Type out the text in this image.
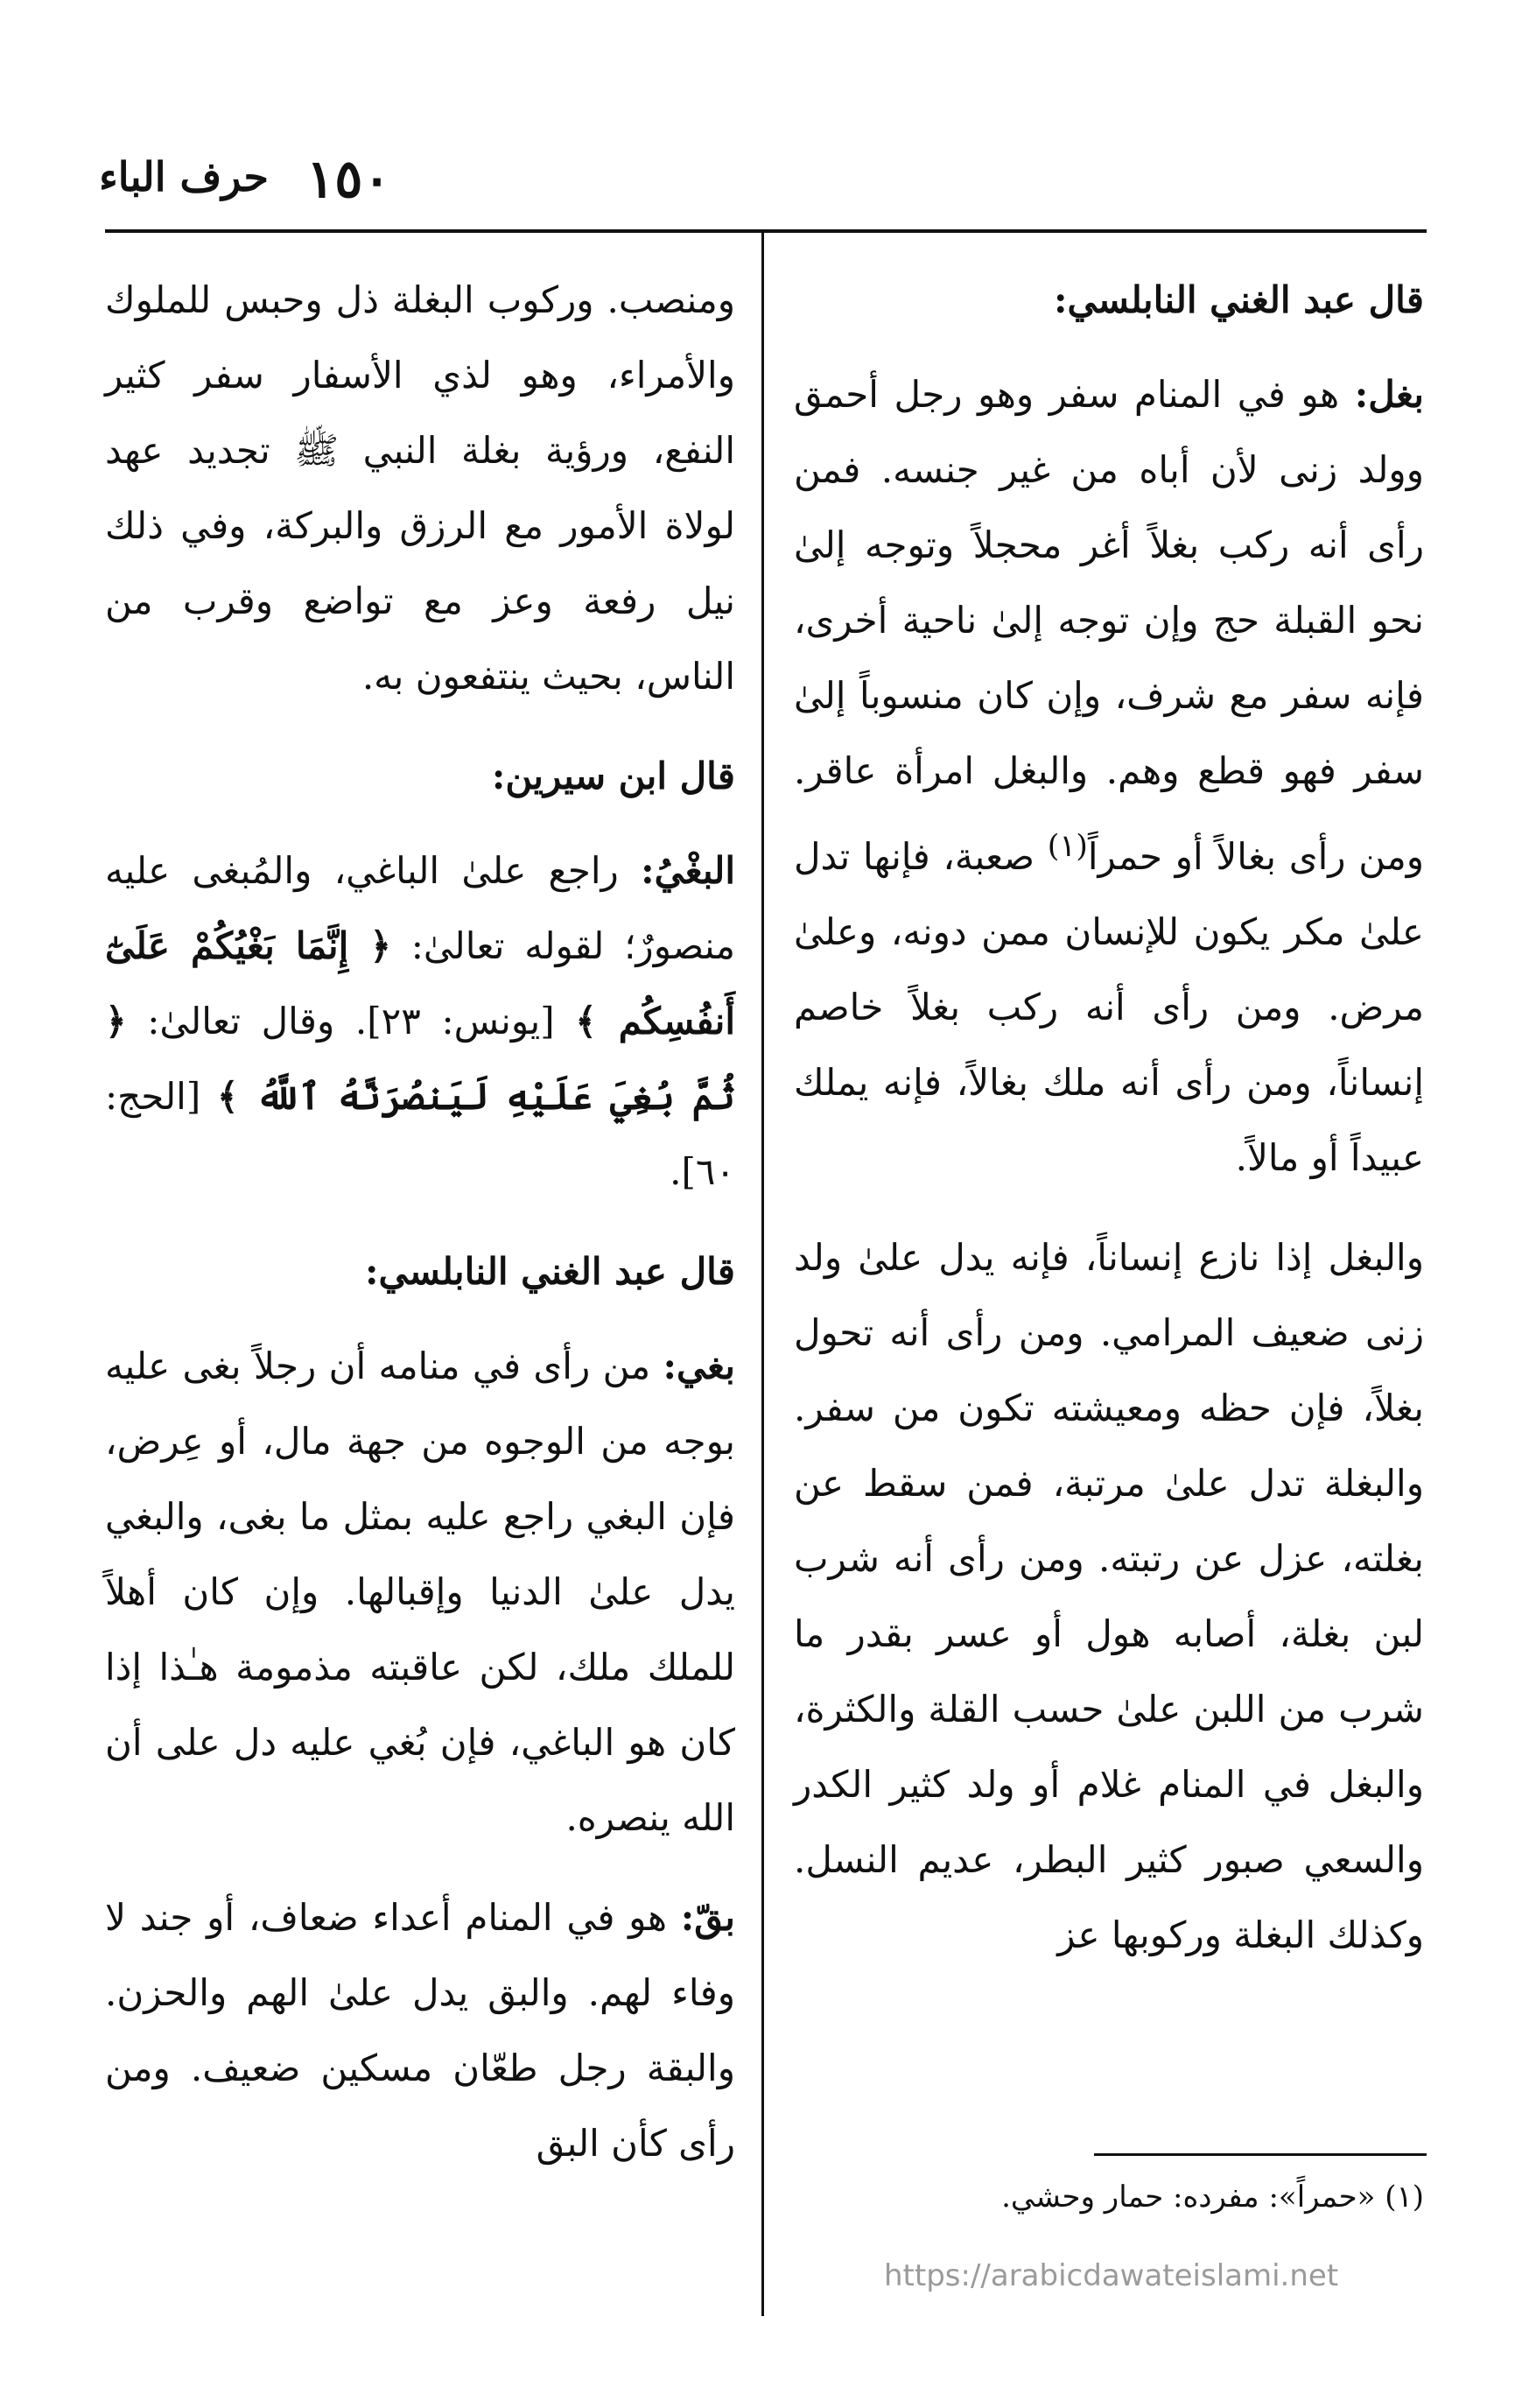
١٥٠
حرف الباء
قال عبد الغني النابلسي:

بغل: هو في المنام سفر وهو رجل أحمق وولد زنى لأن أباه من غير جنسه. فمن رأى أنه ركب بغلاً أغر محجلاً وتوجه إلىٰ نحو القبلة حج وإن توجه إلىٰ ناحية أخرى، فإنه سفر مع شرف، وإن كان منسوباً إلىٰ سفر فهو قطع وهم. والبغل امرأة عاقر. ومن رأى بغالاً أو حمراً$^{(١)}$ صعبة، فإنها تدل علىٰ مكر يكون للإنسان ممن دونه، وعلىٰ مرض. ومن رأى أنه ركب بغلاً خاصم إنساناً، ومن رأى أنه ملك بغالاً، فإنه يملك عبيداً أو مالاً.

والبغل إذا نازع إنساناً، فإنه يدل علىٰ ولد زنى ضعيف المرامي. ومن رأى أنه تحول بغلاً، فإن حظه ومعيشته تكون من سفر. والبغلة تدل علىٰ مرتبة، فمن سقط عن بغلته، عزل عن رتبته. ومن رأى أنه شرب لبن بغلة، أصابه هول أو عسر بقدر ما شرب من اللبن علىٰ حسب القلة والكثرة، والبغل في المنام غلام أو ولد كثير الكدر والسعي صبور كثير البطر، عديم النسل. وكذلك البغلة وركوبها عز

ومنصب. وركوب البغلة ذل وحبس للملوك والأمراء، وهو لذي الأسفار سفر كثير النفع، ورؤية بغلة النبي ﷺ تجديد عهد لولاة الأمور مع الرزق والبركة، وفي ذلك نيل رفعة وعز مع تواضع وقرب من الناس، بحيث ينتفعون به.

قال ابن سيرين:

البغْيُ: راجع علىٰ الباغي، والمُبغى عليه منصورٌ؛ لقوله تعالىٰ: ﴿ إِنَّمَا بَغْيُكُمْ عَلَىٰٓ أَنفُسِكُم ﴾ [يونس: ٢٣]. وقال تعالىٰ: ﴿ ثُمَّ بُغِيَ عَلَيْهِ لَيَنصُرَنَّهُ ٱللَّهُ ﴾ [الحج: ٦٠].

قال عبد الغني النابلسي:

بغي: من رأى في منامه أن رجلاً بغى عليه بوجه من الوجوه من جهة مال، أو عِرض، فإن البغي راجع عليه بمثل ما بغى، والبغي يدل علىٰ الدنيا وإقبالها. وإن كان أهلاً للملك ملك، لكن عاقبته مذمومة هـٰذا إذا كان هو الباغي، فإن بُغي عليه دل على أن الله ينصره.

بقّ: هو في المنام أعداء ضعاف، أو جند لا وفاء لهم. والبق يدل علىٰ الهم والحزن. والبقة رجل طعّان مسكين ضعيف. ومن رأى كأن البق

(١) «حمراً»: مفرده: حمار وحشي.
https://arabicdawateislami.net
